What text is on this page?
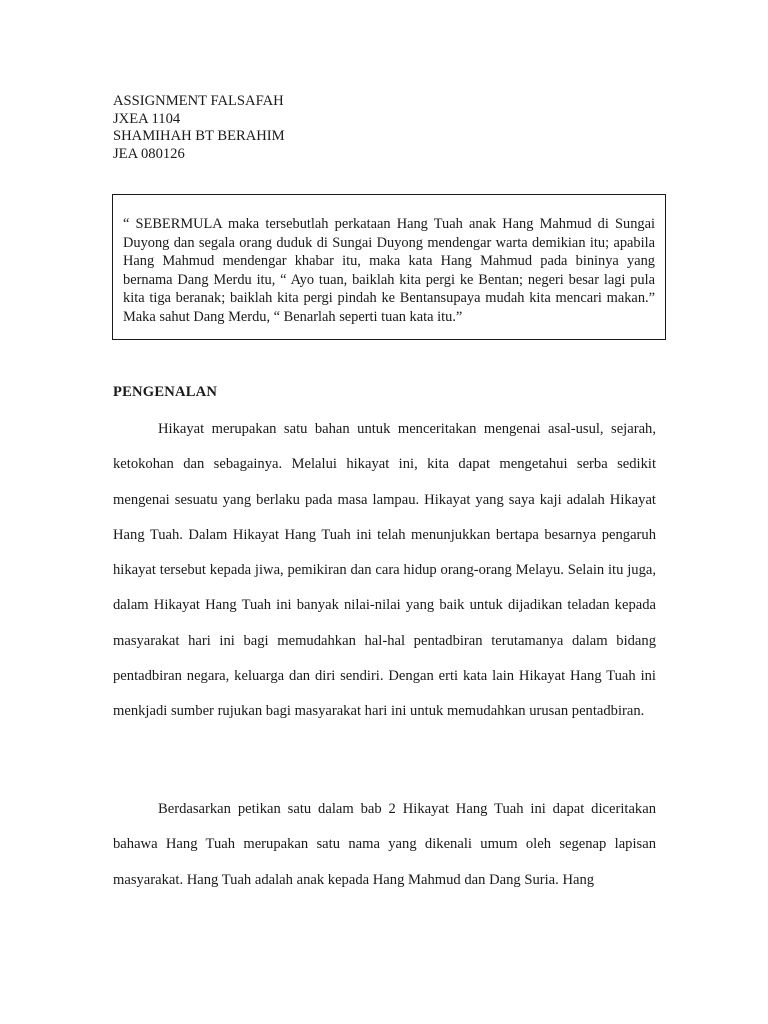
ASSIGNMENT FALSAFAH
JXEA 1104
SHAMIHAH BT BERAHIM
JEA 080126
“ SEBERMULA maka tersebutlah perkataan Hang Tuah anak Hang Mahmud di Sungai Duyong dan segala orang duduk di Sungai Duyong mendengar warta demikian itu; apabila Hang Mahmud mendengar khabar itu, maka kata Hang Mahmud pada bininya yang bernama Dang Merdu itu, “ Ayo tuan, baiklah kita pergi ke Bentan; negeri besar lagi pula kita tiga beranak; baiklah kita pergi pindah ke Bentansupaya mudah kita mencari makan.” Maka sahut Dang Merdu, “ Benarlah seperti tuan kata itu.”
PENGENALAN

Hikayat merupakan satu bahan untuk menceritakan mengenai asal-usul, sejarah, ketokohan dan sebagainya. Melalui hikayat ini, kita dapat mengetahui serba sedikit mengenai sesuatu yang berlaku pada masa lampau. Hikayat yang saya kaji adalah Hikayat Hang Tuah. Dalam Hikayat Hang Tuah ini telah menunjukkan bertapa besarnya pengaruh hikayat tersebut kepada jiwa, pemikiran dan cara hidup orang-orang Melayu. Selain itu juga, dalam Hikayat Hang Tuah ini banyak nilai-nilai yang baik untuk dijadikan teladan kepada masyarakat hari ini bagi memudahkan hal-hal pentadbiran terutamanya dalam bidang pentadbiran negara, keluarga dan diri sendiri. Dengan erti kata lain Hikayat Hang Tuah ini menkjadi sumber rujukan bagi masyarakat hari ini untuk memudahkan urusan pentadbiran.

Berdasarkan petikan satu dalam bab 2 Hikayat Hang Tuah ini dapat diceritakan bahawa Hang Tuah merupakan satu nama yang dikenali umum oleh segenap lapisan masyarakat. Hang Tuah adalah anak kepada Hang Mahmud dan Dang Suria. Hang
